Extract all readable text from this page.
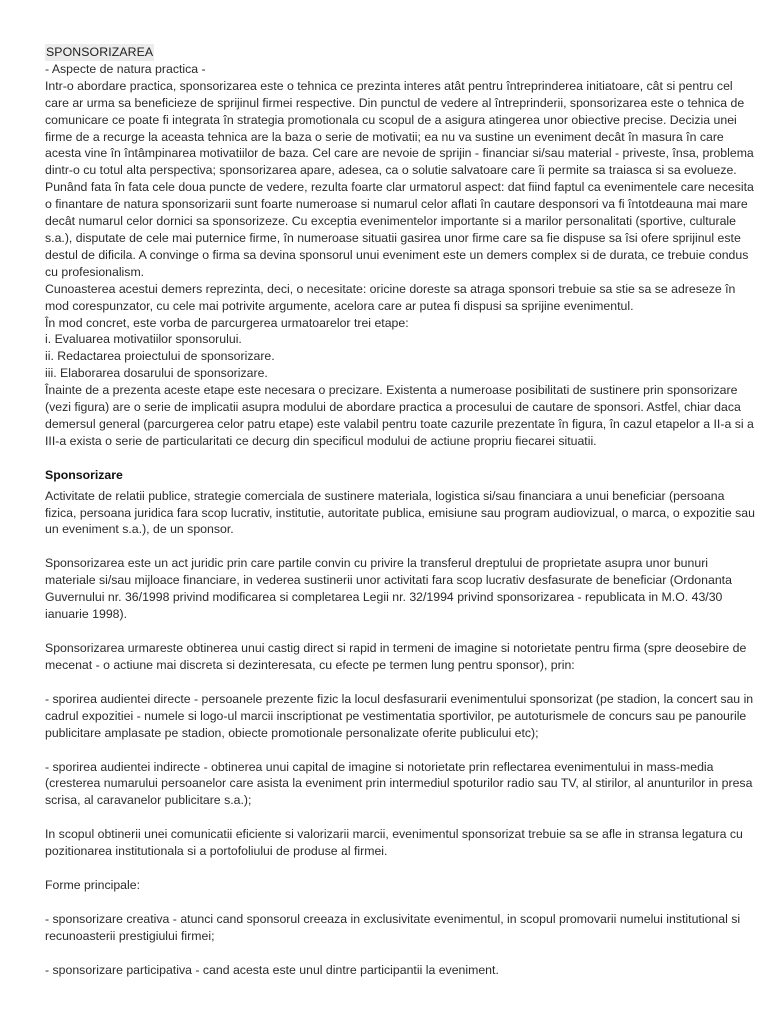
SPONSORIZAREA
- Aspecte de natura practica -
Intr-o abordare practica, sponsorizarea este o tehnica ce prezinta interes atât pentru întreprinderea initiatoare, cât si pentru cel care ar urma sa beneficieze de sprijinul firmei respective. Din punctul de vedere al întreprinderii, sponsorizarea este o tehnica de comunicare ce poate fi integrata în strategia promotionala cu scopul de a asigura atingerea unor obiective precise. Decizia unei firme de a recurge la aceasta tehnica are la baza o serie de motivatii; ea nu va sustine un eveniment decât în masura în care acesta vine în întâmpinarea motivatiilor de baza. Cel care are nevoie de sprijin - financiar si/sau material - priveste, însa, problema dintr-o cu totul alta perspectiva; sponsorizarea apare, adesea, ca o solutie salvatoare care îi permite sa traiasca si sa evolueze.
Punând fata în fata cele doua puncte de vedere, rezulta foarte clar urmatorul aspect: dat fiind faptul ca evenimentele care necesita o finantare de natura sponsorizarii sunt foarte numeroase si numarul celor aflati în cautare desponsori va fi întotdeauna mai mare decât numarul celor dornici sa sponsorizeze. Cu exceptia evenimentelor importante si a marilor personalitati (sportive, culturale s.a.), disputate de cele mai puternice firme, în numeroase situatii gasirea unor firme care sa fie dispuse sa îsi ofere sprijinul este destul de dificila. A convinge o firma sa devina sponsorul unui eveniment este un demers complex si de durata, ce trebuie condus cu profesionalism.
Cunoasterea acestui demers reprezinta, deci, o necesitate: oricine doreste sa atraga sponsori trebuie sa stie sa se adreseze în mod corespunzator, cu cele mai potrivite argumente, acelora care ar putea fi dispusi sa sprijine evenimentul.
În mod concret, este vorba de parcurgerea urmatoarelor trei etape:
i. Evaluarea motivatiilor sponsorului.
ii. Redactarea proiectului de sponsorizare.
iii. Elaborarea dosarului de sponsorizare.
Înainte de a prezenta aceste etape este necesara o precizare. Existenta a numeroase posibilitati de sustinere prin sponsorizare (vezi figura) are o serie de implicatii asupra modului de abordare practica a procesului de cautare de sponsori. Astfel, chiar daca demersul general (parcurgerea celor patru etape) este valabil pentru toate cazurile prezentate în figura, în cazul etapelor a II-a si a III-a exista o serie de particularitati ce decurg din specificul modului de actiune propriu fiecarei situatii.
Sponsorizare

Activitate de relatii publice, strategie comerciala de sustinere materiala, logistica si/sau financiara a unui beneficiar (persoana fizica, persoana juridica fara scop lucrativ, institutie, autoritate publica, emisiune sau program audiovizual, o marca, o expozitie sau un eveniment s.a.), de un sponsor.

Sponsorizarea este un act juridic prin care partile convin cu privire la transferul dreptului de proprietate asupra unor bunuri materiale si/sau mijloace financiare, in vederea sustinerii unor activitati fara scop lucrativ desfasurate de beneficiar (Ordonanta Guvernului nr. 36/1998 privind modificarea si completarea Legii nr. 32/1994 privind sponsorizarea - republicata in M.O. 43/30 ianuarie 1998).

Sponsorizarea urmareste obtinerea unui castig direct si rapid in termeni de imagine si notorietate pentru firma (spre deosebire de mecenat - o actiune mai discreta si dezinteresata, cu efecte pe termen lung pentru sponsor), prin:

- sporirea audientei directe - persoanele prezente fizic la locul desfasurarii evenimentului sponsorizat (pe stadion, la concert sau in cadrul expozitiei - numele si logo-ul marcii inscriptionat pe vestimentatia sportivilor, pe autoturismele de concurs sau pe panourile publicitare amplasate pe stadion, obiecte promotionale personalizate oferite publicului etc);

- sporirea audientei indirecte - obtinerea unui capital de imagine si notorietate prin reflectarea evenimentului in mass-media (cresterea numarului persoanelor care asista la eveniment prin intermediul spoturilor radio sau TV, al stirilor, al anunturilor in presa scrisa, al caravanelor publicitare s.a.);

In scopul obtinerii unei comunicatii eficiente si valorizarii marcii, evenimentul sponsorizat trebuie sa se afle in stransa legatura cu pozitionarea institutionala si a portofoliului de produse al firmei.

Forme principale:

- sponsorizare creativa - atunci cand sponsorul creeaza in exclusivitate evenimentul, in scopul promovarii numelui institutional si recunoasterii prestigiului firmei;

- sponsorizare participativa - cand acesta este unul dintre participantii la eveniment.
